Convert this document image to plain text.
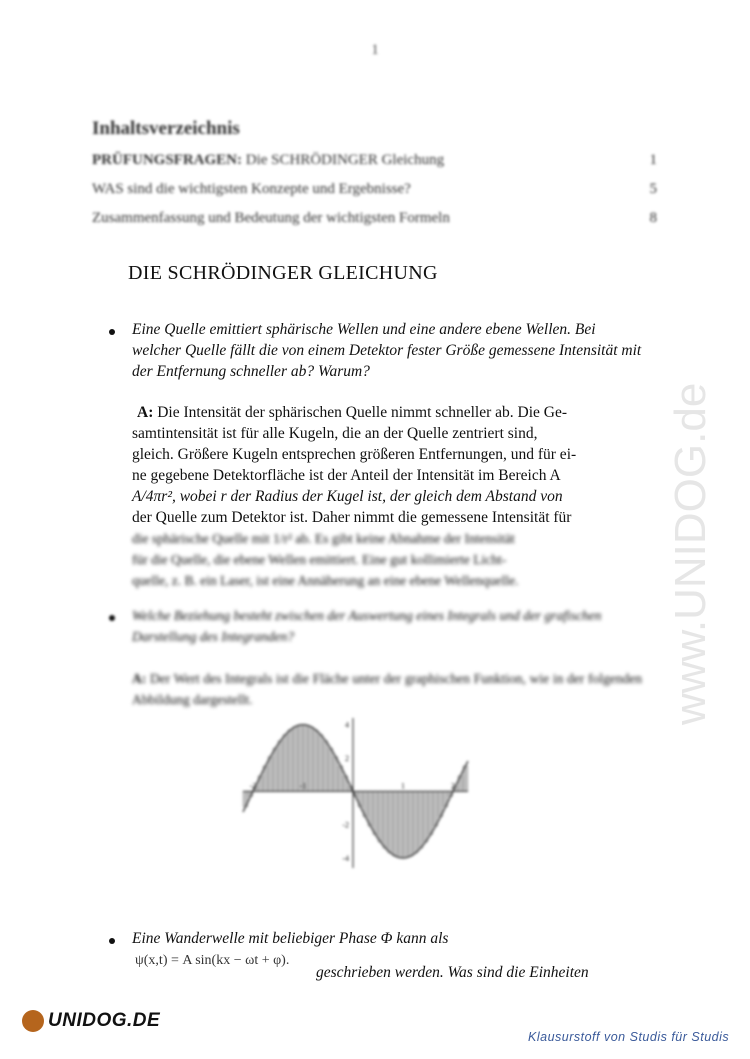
1
Inhaltsverzeichnis
PRÜFUNGSFRAGEN: Die SCHRÖDINGER Gleichung	1
WAS sind die wichtigsten Konzepte und Ergebnisse?	5
Zusammenfassung und Bedeutung der wichtigsten Formeln	8
DIE SCHRÖDINGER GLEICHUNG
www.UNIDOG.de
Eine Quelle emittiert sphärische Wellen und eine andere ebene Wellen. Bei welcher Quelle fällt die von einem Detektor fester Größe gemessene Intensität mit der Entfernung schneller ab? Warum?
A: Die Intensität der sphärischen Quelle nimmt schneller ab. Die Ge-
samtintensität ist für alle Kugeln, die an der Quelle zentriert sind,
gleich. Größere Kugeln entsprechen größeren Entfernungen, und für ei-
ne gegebene Detektorfläche ist der Anteil der Intensität im Bereich A
A/4πr², wobei r der Radius der Kugel ist, der gleich dem Abstand von
der Quelle zum Detektor ist. Daher nimmt die gemessene Intensität für
die sphärische Quelle mit 1/r² ab. Es gibt keine Abnahme der Intensität
für die Quelle, die ebene Wellen emittiert. Eine gut kollimierte Licht-
quelle, z. B. ein Laser, ist eine Annäherung an eine ebene Wellenquelle.
Welche Beziehung besteht zwischen der Auswertung eines Integrals und der grafischen Darstellung des Integranden?
A: Der Wert des Integrals ist die Fläche unter der graphischen Funktion, wie in der folgenden Abbildung dargestellt.
-2	-1	1	2
4
2
-2
-4
Eine Wanderwelle mit beliebiger Phase Φ kann als
ψ(x,t) = A sin(kx − ωt + φ).
geschrieben werden. Was sind die Einheiten
UNIDOG.DE
Klausurstoff von Studis für Studis
